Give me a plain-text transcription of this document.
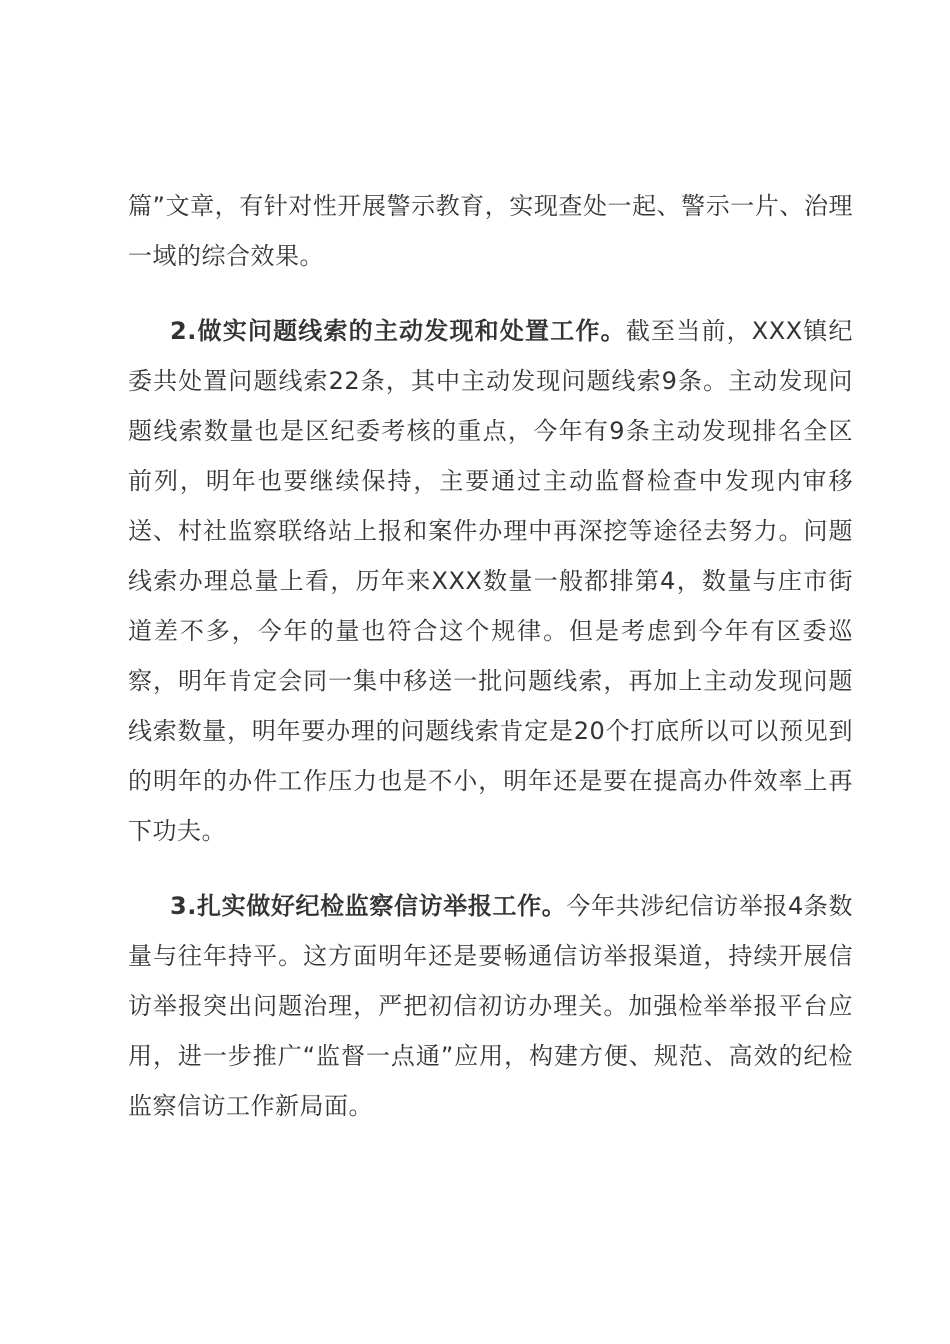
篇”文章，有针对性开展警示教育，实现查处一起、警示一片、治理一域的综合效果。

2.做实问题线索的主动发现和处置工作。截至当前，XXX镇纪委共处置问题线索22条，其中主动发现问题线索9条。主动发现问题线索数量也是区纪委考核的重点，今年有9条主动发现排名全区前列，明年也要继续保持，主要通过主动监督检查中发现内审移送、村社监察联络站上报和案件办理中再深挖等途径去努力。问题线索办理总量上看，历年来XXX数量一般都排第4，数量与庄市街道差不多，今年的量也符合这个规律。但是考虑到今年有区委巡察，明年肯定会同一集中移送一批问题线索，再加上主动发现问题线索数量，明年要办理的问题线索肯定是20个打底所以可以预见到的明年的办件工作压力也是不小，明年还是要在提高办件效率上再下功夫。

3.扎实做好纪检监察信访举报工作。今年共涉纪信访举报4条数量与往年持平。这方面明年还是要畅通信访举报渠道，持续开展信访举报突出问题治理，严把初信初访办理关。加强检举举报平台应用，进一步推广“监督一点通”应用，构建方便、规范、高效的纪检监察信访工作新局面。
